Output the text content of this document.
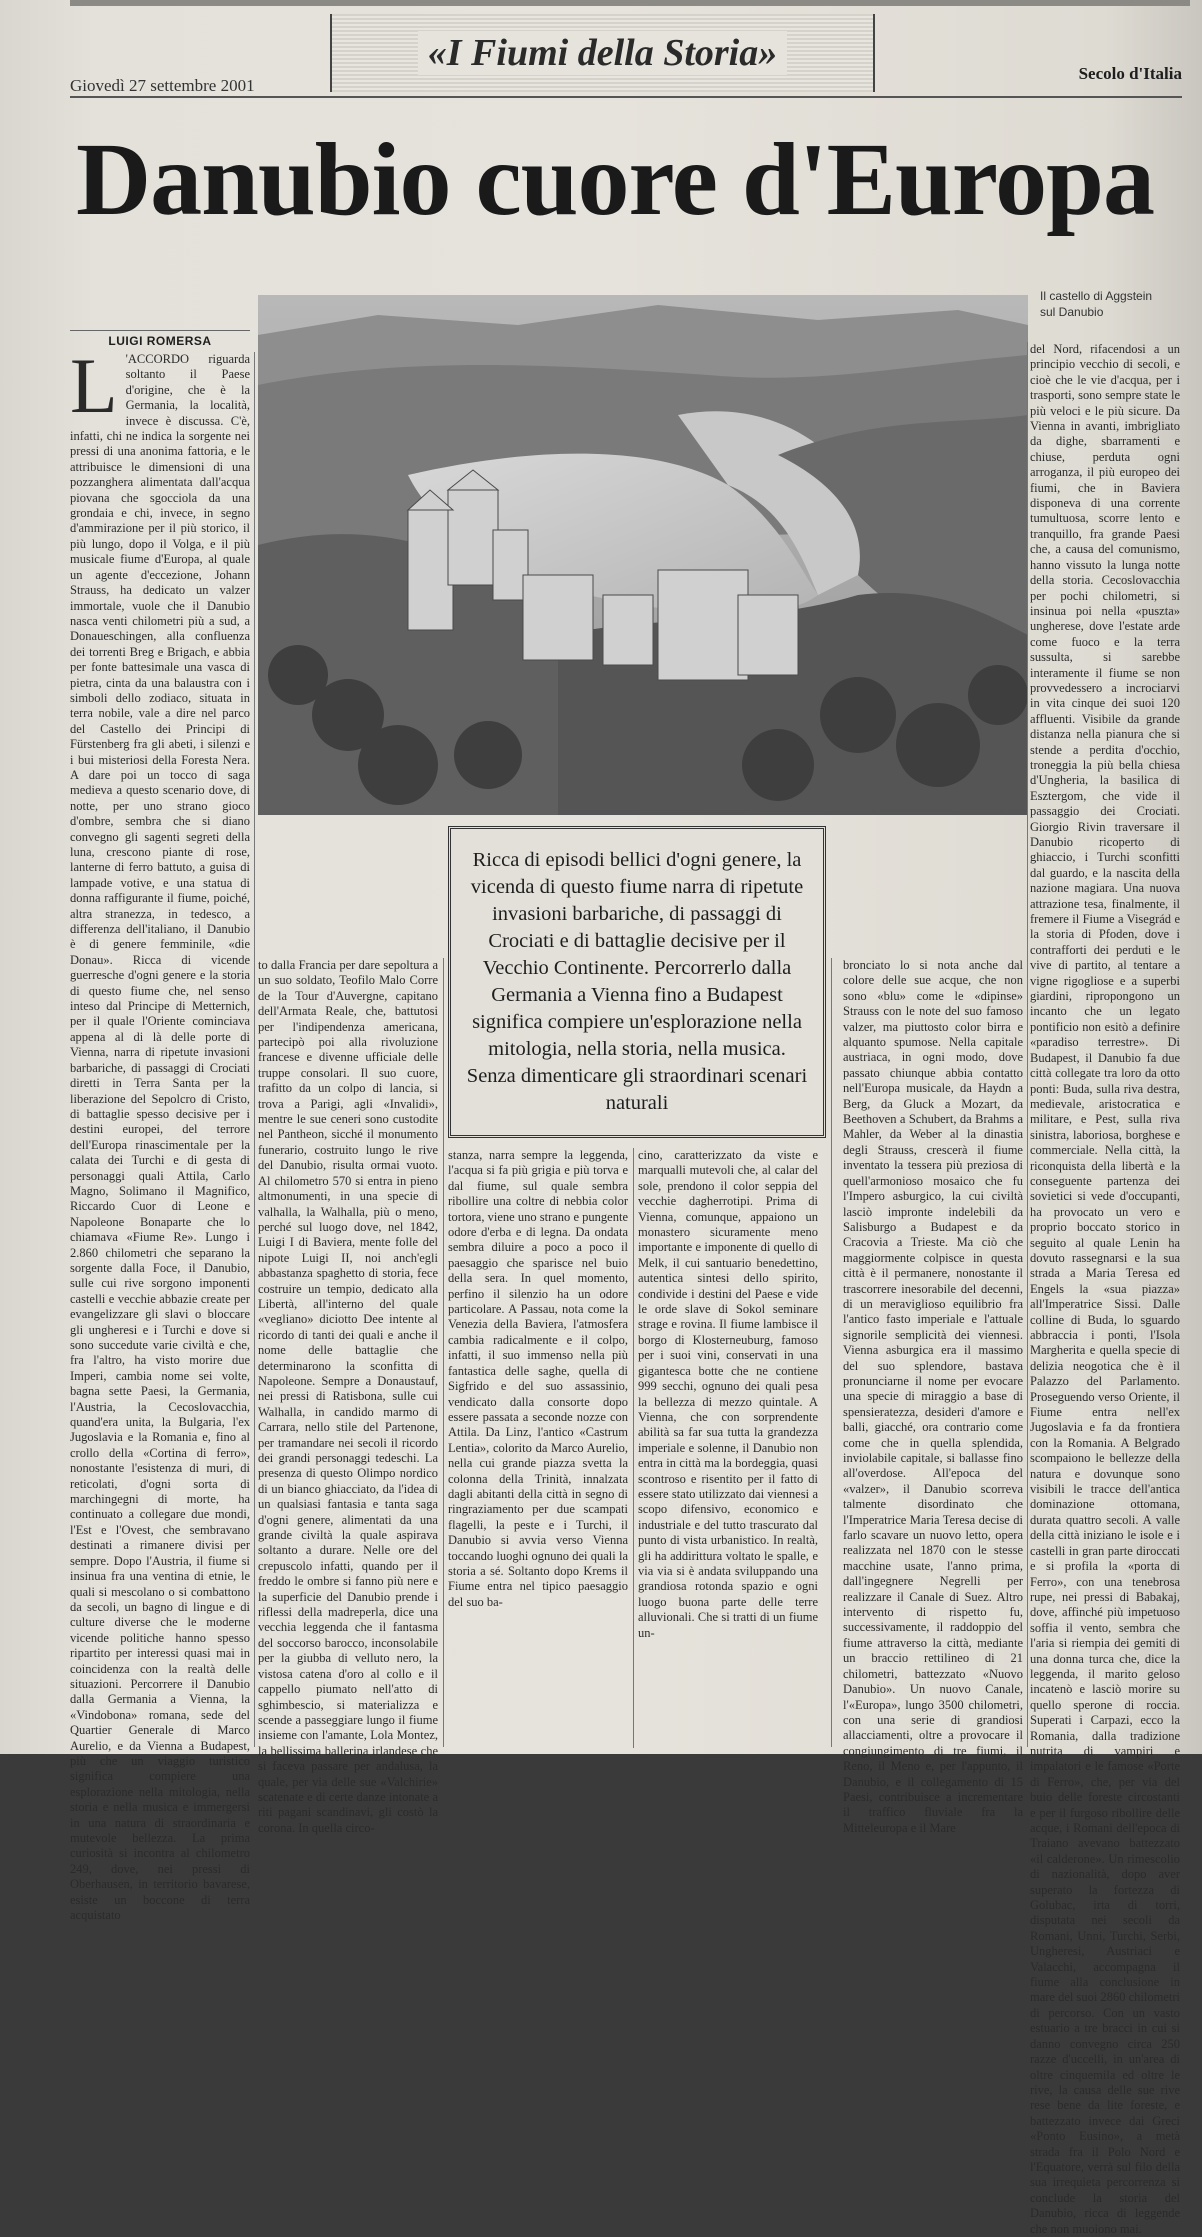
«I Fiumi della Storia»
Giovedì 27 settembre 2001
Secolo d'Italia
Danubio cuore d'Europa
LUIGI ROMERSA
Il castello di Aggstein sul Danubio
L 'ACCORDO riguarda soltanto il Paese d'origine, che è la Germania, la località, invece è discussa. C'è, infatti, chi ne indica la sorgente nei pressi di una anonima fattoria, e le attribuisce le dimensioni di una pozzanghera alimentata dall'acqua piovana che sgocciola da una grondaia e chi, invece, in segno d'ammirazione per il più storico, il più lungo, dopo il Volga, e il più musicale fiume d'Europa, al quale un agente d'eccezione, Johann Strauss, ha dedicato un valzer immortale, vuole che il Danubio nasca venti chilometri più a sud, a Donaueschingen, alla confluenza dei torrenti Breg e Brigach, e abbia per fonte battesimale una vasca di pietra, cinta da una balaustra con i simboli dello zodiaco, situata in terra nobile, vale a dire nel parco del Castello dei Principi di Fürstenberg fra gli abeti, i silenzi e i bui misteriosi della Foresta Nera. A dare poi un tocco di saga medieva a questo scenario dove, di notte, per uno strano gioco d'ombre, sembra che si diano convegno gli sagenti segreti della luna, crescono piante di rose, lanterne di ferro battuto, a guisa di lampade votive, e una statua di donna raffigurante il fiume, poiché, altra stranezza, in tedesco, a differenza dell'italiano, il Danubio è di genere femminile, «die Donau». Ricca di vicende guerresche d'ogni genere e la storia di questo fiume che, nel senso inteso dal Principe di Metternich, per il quale l'Oriente cominciava appena al di là delle porte di Vienna, narra di ripetute invasioni barbariche, di passaggi di Crociati diretti in Terra Santa per la liberazione del Sepolcro di Cristo, di battaglie spesso decisive per i destini europei, del terrore dell'Europa rinascimentale per la calata dei Turchi e di gesta di personaggi quali Attila, Carlo Magno, Solimano il Magnifico, Riccardo Cuor di Leone e Napoleone Bonaparte che lo chiamava «Fiume Re». Lungo i 2.860 chilometri che separano la sorgente dalla Foce, il Danubio, sulle cui rive sorgono imponenti castelli e vecchie abbazie create per evangelizzare gli slavi o bloccare gli ungheresi e i Turchi e dove si sono succedute varie civiltà e che, fra l'altro, ha visto morire due Imperi, cambia nome sei volte, bagna sette Paesi, la Germania, l'Austria, la Cecoslovacchia, quand'era unita, la Bulgaria, l'ex Jugoslavia e la Romania e, fino al crollo della «Cortina di ferro», nonostante l'esistenza di muri, di reticolati, d'ogni sorta di marchingegni di morte, ha continuato a collegare due mondi, l'Est e l'Ovest, che sembravano destinati a rimanere divisi per sempre. Dopo l'Austria, il fiume si insinua fra una ventina di etnie, le quali si mescolano o si combattono da secoli, un bagno di lingue e di culture diverse che le moderne vicende politiche hanno spesso ripartito per interessi quasi mai in coincidenza con la realtà delle situazioni. Percorrere il Danubio dalla Germania a Vienna, la «Vindobona» romana, sede del Quartier Generale di Marco Aurelio, e da Vienna a Budapest, più che un viaggio turistico significa compiere una esplorazione nella mitologia, nella storia e nella musica e immergersi in una natura di straordinaria e mutevole bellezza. La prima curiosità si incontra al chilometro 249, dove, nei pressi di Oberhausen, in territorio bavarese, esiste un boccone di terra acquistato
to dalla Francia per dare sepoltura a un suo soldato, Teofilo Malo Corre de la Tour d'Auvergne, capitano dell'Armata Reale, che, battutosi per l'indipendenza americana, partecipò poi alla rivoluzione francese e divenne ufficiale delle truppe consolari. Il suo cuore, trafitto da un colpo di lancia, si trova a Parigi, agli «Invalidi», mentre le sue ceneri sono custodite nel Pantheon, sicché il monumento funerario, costruito lungo le rive del Danubio, risulta ormai vuoto. Al chilometro 570 si entra in pieno altmonumenti, in una specie di valhalla, la Walhalla, più o meno, perché sul luogo dove, nel 1842, Luigi I di Baviera, mente folle del nipote Luigi II, noi anch'egli abbastanza spaghetto di storia, fece costruire un tempio, dedicato alla Libertà, all'interno del quale «vegliano» diciotto Dee intente al ricordo di tanti dei quali e anche il nome delle battaglie che determinarono la sconfitta di Napoleone. Sempre a Donaustauf, nei pressi di Ratisbona, sulle cui Walhalla, in candido marmo di Carrara, nello stile del Partenone, per tramandare nei secoli il ricordo dei grandi personaggi tedeschi. La presenza di questo Olimpo nordico di un bianco ghiacciato, da l'idea di un qualsiasi fantasia e tanta saga d'ogni genere, alimentati da una grande civiltà la quale aspirava soltanto a durare. Nelle ore del crepuscolo infatti, quando per il freddo le ombre si fanno più nere e la superficie del Danubio prende i riflessi della madreperla, dice una vecchia leggenda che il fantasma del soccorso barocco, inconsolabile per la giubba di velluto nero, la vistosa catena d'oro al collo e il cappello piumato nell'atto di sghimbescio, si materializza e scende a passeggiare lungo il fiume insieme con l'amante, Lola Montez, la bellissima ballerina irlandese che si faceva passare per andalusa, la quale, per via delle sue «Valchirie» scatenate e di certe danze intonate a riti pagani scandinavi, gli costò la corona. In quella circo-
Ricca di episodi bellici d'ogni genere, la vicenda di questo fiume narra di ripetute invasioni barbariche, di passaggi di Crociati e di battaglie decisive per il Vecchio Continente. Percorrerlo dalla Germania a Vienna fino a Budapest significa compiere un'esplorazione nella mitologia, nella storia, nella musica. Senza dimenticare gli straordinari scenari naturali
stanza, narra sempre la leggenda, l'acqua si fa più grigia e più torva e dal fiume, sul quale sembra ribollire una coltre di nebbia color tortora, viene uno strano e pungente odore d'erba e di legna. Da ondata sembra diluire a poco a poco il paesaggio che sparisce nel buio della sera. In quel momento, perfino il silenzio ha un odore particolare. A Passau, nota come la Venezia della Baviera, l'atmosfera cambia radicalmente e il colpo, infatti, il suo immenso nella più fantastica delle saghe, quella di Sigfrido e del suo assassinio, vendicato dalla consorte dopo essere passata a seconde nozze con Attila. Da Linz, l'antico «Castrum Lentia», colorito da Marco Aurelio, nella cui grande piazza svetta la colonna della Trinità, innalzata dagli abitanti della città in segno di ringraziamento per due scampati flagelli, la peste e i Turchi, il Danubio si avvia verso Vienna toccando luoghi ognuno dei quali la storia a sé. Soltanto dopo Krems il Fiume entra nel tipico paesaggio del suo ba-
cino, caratterizzato da viste e marqualli mutevoli che, al calar del sole, prendono il color seppia del vecchie dagherrotipi. Prima di Vienna, comunque, appaiono un monastero sicuramente meno importante e imponente di quello di Melk, il cui santuario benedettino, autentica sintesi dello spirito, condivide i destini del Paese e vide le orde slave di Sokol seminare strage e rovina. Il fiume lambisce il borgo di Klosterneuburg, famoso per i suoi vini, conservati in una gigantesca botte che ne contiene 999 secchi, ognuno dei quali pesa la bellezza di mezzo quintale. A Vienna, che con sorprendente abilità sa far sua tutta la grandezza imperiale e solenne, il Danubio non entra in città ma la bordeggia, quasi scontroso e risentito per il fatto di essere stato utilizzato dai viennesi a scopo difensivo, economico e industriale e del tutto trascurato dal punto di vista urbanistico. In realtà, gli ha addirittura voltato le spalle, e via via si è andata sviluppando una grandiosa rotonda spazio e ogni luogo buona parte delle terre alluvionali. Che si tratti di un fiume un-
bronciato lo si nota anche dal colore delle sue acque, che non sono «blu» come le «dipinse» Strauss con le note del suo famoso valzer, ma piuttosto color birra e alquanto spumose. Nella capitale austriaca, in ogni modo, dove passato chiunque abbia contatto nell'Europa musicale, da Haydn a Berg, da Gluck a Mozart, da Beethoven a Schubert, da Brahms a Mahler, da Weber al la dinastia degli Strauss, crescerà il fiume inventato la tessera più preziosa di quell'armonioso mosaico che fu l'Impero asburgico, la cui civiltà lasciò impronte indelebili da Salisburgo a Budapest e da Cracovia a Trieste. Ma ciò che maggiormente colpisce in questa città è il permanere, nonostante il trascorrere inesorabile del decenni, di un meraviglioso equilibrio fra l'antico fasto imperiale e l'attuale signorile semplicità dei viennesi. Vienna asburgica era il massimo del suo splendore, bastava pronunciarne il nome per evocare una specie di miraggio a base di spensieratezza, desideri d'amore e balli, giacché, ora contrario come come che in quella splendida, inviolabile capitale, si ballasse fino all'overdose. All'epoca del «valzer», il Danubio scorreva talmente disordinato che l'Imperatrice Maria Teresa decise di farlo scavare un nuovo letto, opera realizzata nel 1870 con le stesse macchine usate, l'anno prima, dall'ingegnere Negrelli per realizzare il Canale di Suez. Altro intervento di rispetto fu, successivamente, il raddoppio del fiume attraverso la città, mediante un braccio rettilineo di 21 chilometri, battezzato «Nuovo Danubio». Un nuovo Canale, l'«Europa», lungo 3500 chilometri, con una serie di grandiosi allacciamenti, oltre a provocare il congiungimento di tre fiumi, il Reno, il Meno e, per l'appunto, il Danubio, e il collegamento di 15 Paesi, contribuisce a incrementare il traffico fluviale fra la Mitteleuropa e il Mare
del Nord, rifacendosi a un principio vecchio di secoli, e cioè che le vie d'acqua, per i trasporti, sono sempre state le più veloci e le più sicure. Da Vienna in avanti, imbrigliato da dighe, sbarramenti e chiuse, perduta ogni arroganza, il più europeo dei fiumi, che in Baviera disponeva di una corrente tumultuosa, scorre lento e tranquillo, fra grande Paesi che, a causa del comunismo, hanno vissuto la lunga notte della storia. Cecoslovacchia per pochi chilometri, si insinua poi nella «puszta» ungherese, dove l'estate arde come fuoco e la terra sussulta, si sarebbe interamente il fiume se non provvedessero a incrociarvi in vita cinque dei suoi 120 affluenti. Visibile da grande distanza nella pianura che si stende a perdita d'occhio, troneggia la più bella chiesa d'Ungheria, la basilica di Esztergom, che vide il passaggio dei Crociati. Giorgio Rivin traversare il Danubio ricoperto di ghiaccio, i Turchi sconfitti dal guardo, e la nascita della nazione magiara. Una nuova attrazione tesa, finalmente, il fremere il Fiume a Visegrád e la storia di Pfoden, dove i contrafforti dei perduti e le vive di partito, al tentare a vigne rigogliose e a superbi giardini, ripropongono un incanto che un legato pontificio non esitò a definire «paradiso terrestre». Di Budapest, il Danubio fa due città collegate tra loro da otto ponti: Buda, sulla riva destra, medievale, aristocratica e militare, e Pest, sulla riva sinistra, laboriosa, borghese e commerciale. Nella città, la riconquista della libertà e la conseguente partenza dei sovietici si vede d'occupanti, ha provocato un vero e proprio boccato storico in seguito al quale Lenin ha dovuto rassegnarsi e la sua strada a Maria Teresa ed Engels la «sua piazza» all'Imperatrice Sissi. Dalle colline di Buda, lo sguardo abbraccia i ponti, l'Isola Margherita e quella specie di delizia neogotica che è il Palazzo del Parlamento. Proseguendo verso Oriente, il Fiume entra nell'ex Jugoslavia e fa da frontiera con la Romania. A Belgrado scompaiono le bellezze della natura e dovunque sono visibili le tracce dell'antica dominazione ottomana, durata quattro secoli. A valle della città iniziano le isole e i castelli in gran parte diroccati e si profila la «porta di Ferro», con una tenebrosa rupe, nei pressi di Babakaj, dove, affinché più impetuoso soffia il vento, sembra che l'aria si riempia dei gemiti di una donna turca che, dice la leggenda, il marito geloso incatenò e lasciò morire su quello sperone di roccia. Superati i Carpazi, ecco la Romania, dalla tradizione nutrita di vampiri e impalatori e le famose «Porte di Ferro», che, per via del buio delle foreste circostanti e per il furgoso ribollire delle acque, i Romani dell'epoca di Traiano avevano battezzato «il calderone». Un rimescolio di nazionalità, dopo aver superato la fortezza di Golubac, irta di torri, disputata nei secoli da Romani, Unni, Turchi, Serbi, Ungheresi, Austriaci e Valacchi, accompagna il fiume alla conclusione in mare del suoi 2860 chilometri di percorso. Con un vasto estuario a tre bracci in cui si danno convegno circa 250 razze d'uccelli, in un'area di oltre cinquemila ed oltre le rive, la causa delle sue rive rese bene da lite foreste, e battezzato invece dai Greci «Ponto Eusino», a metà strada fra il Polo Nord e l'Equatore, verrà sul filo della sua irrequieta percorrenza si conclude la storia del Danubio, ricca di leggende che non muoiono mai.
